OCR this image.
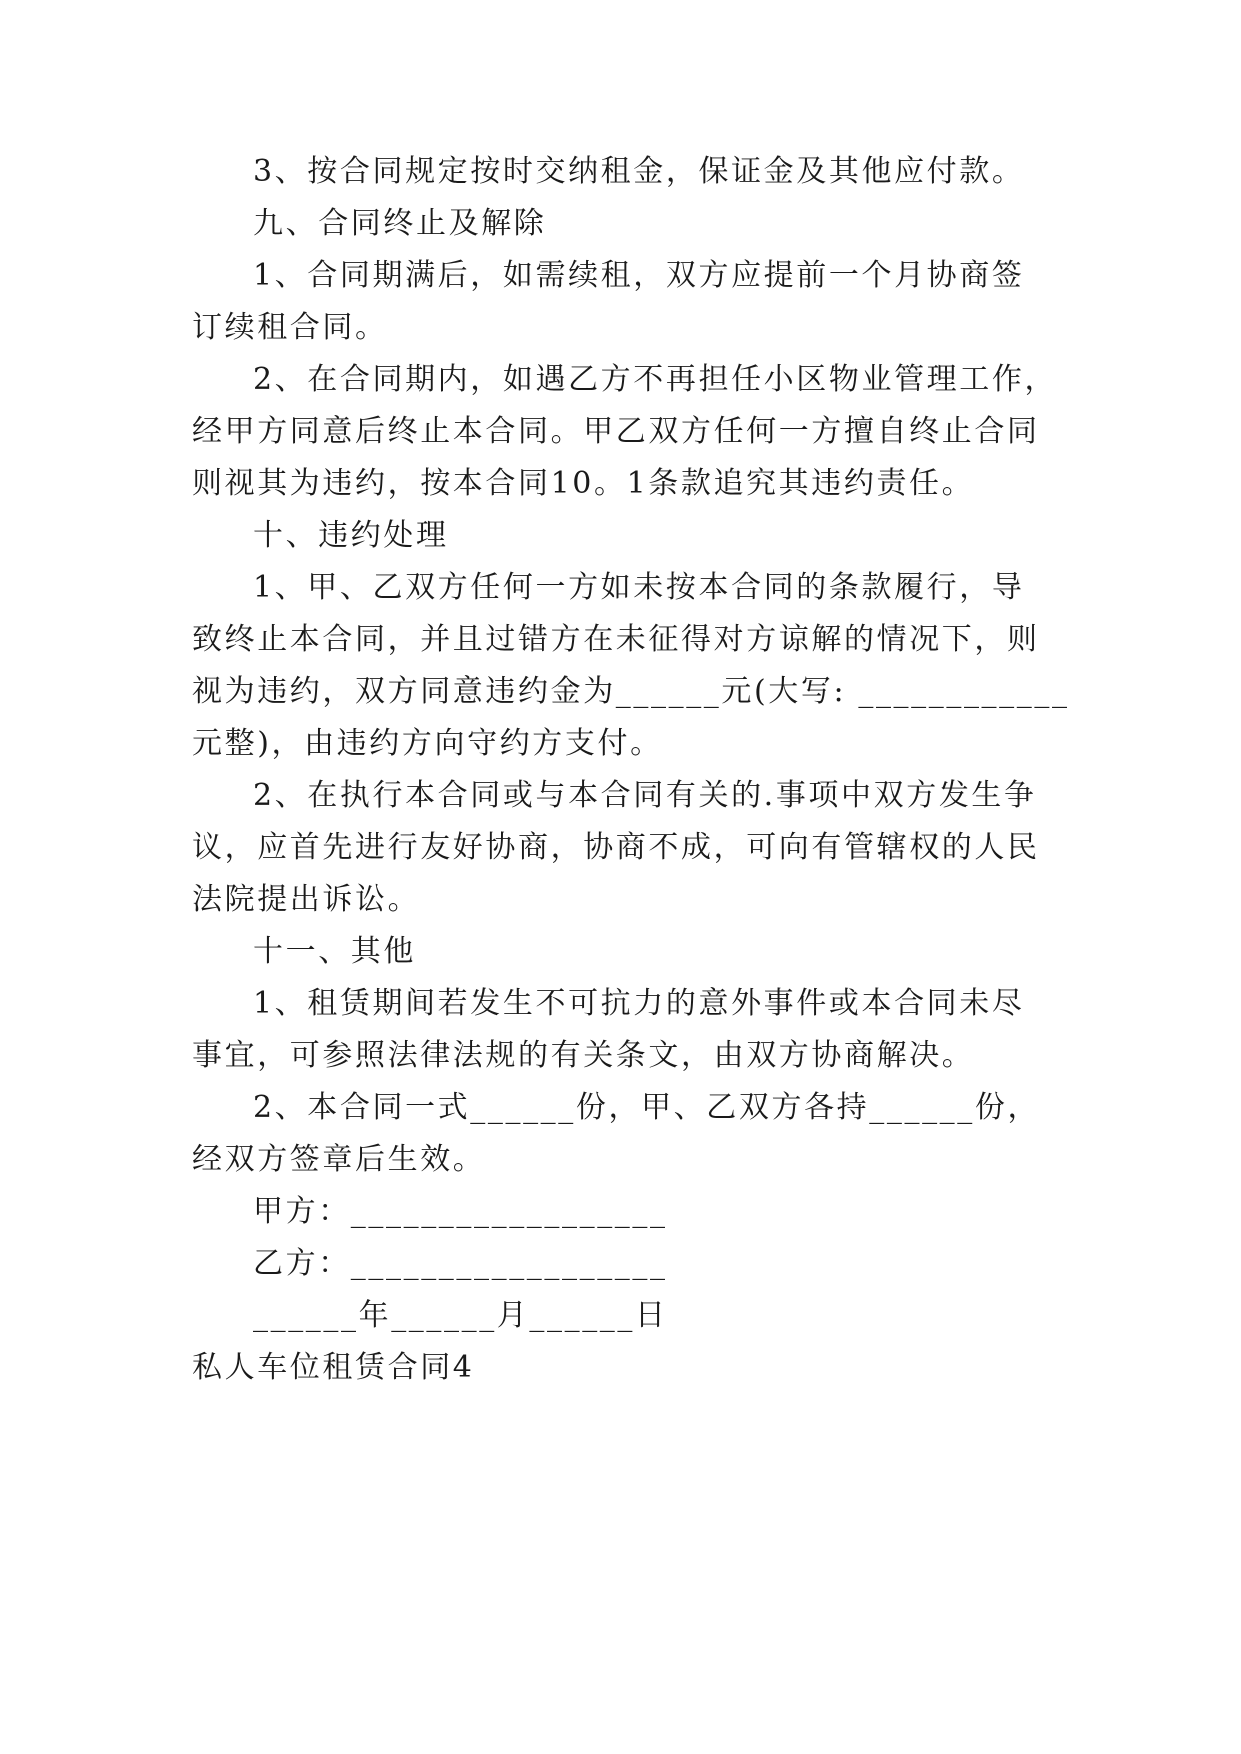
3、按合同规定按时交纳租金，保证金及其他应付款。

九、合同终止及解除

1、合同期满后，如需续租，双方应提前一个月协商签

订续租合同。

2、在合同期内，如遇乙方不再担任小区物业管理工作，

经甲方同意后终止本合同。甲乙双方任何一方擅自终止合同

则视其为违约，按本合同10。1条款追究其违约责任。

十、违约处理

1、甲、乙双方任何一方如未按本合同的条款履行，导

致终止本合同，并且过错方在未征得对方谅解的情况下，则

视为违约，双方同意违约金为______元(大写: ____________

元整)，由违约方向守约方支付。

2、在执行本合同或与本合同有关的.事项中双方发生争

议，应首先进行友好协商，协商不成，可向有管辖权的人民

法院提出诉讼。

十一、其他

1、租赁期间若发生不可抗力的意外事件或本合同未尽

事宜，可参照法律法规的有关条文，由双方协商解决。

2、本合同一式______份，甲、乙双方各持______份，

经双方签章后生效。

甲方：__________________

乙方：__________________

______年______月______日

私人车位租赁合同4
